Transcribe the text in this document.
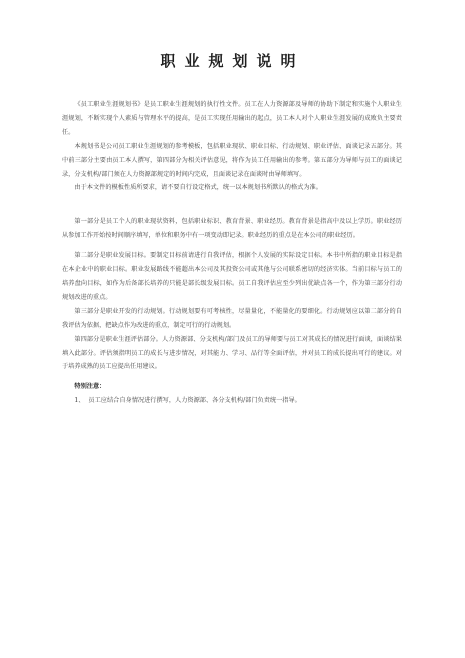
职业规划说明

《员工职业生涯规划书》是员工职业生涯规划的执行性文件。员工在人力资源部及导师的协助下制定和实施个人职业生涯规划，不断实现个人素质与管理水平的提高，是员工实现任用输出的起点，员工本人对个人职业生涯发展的成败负主要责任。

本规划书是公司员工职业生涯规划的参考模板，包括职业现状、职业目标、行动规划、职业评估、面谈记录五部分。其中前三部分主要由员工本人撰写，第四部分为相关评估意见，将作为员工任用输出的参考。第五部分为导师与员工的面谈记录，分支机构/部门须在人力资源部规定的时间内完成，且面谈记录在面谈时由导师填写。

由于本文件的模板性质所要求，请不要自行设定格式，统一以本规划书所默认的格式为准。

第一部分是员工个人的职业现状资料，包括职业标识、教育背景、职业经历。教育背景是指高中及以上学历。职业经历从参加工作开始按时间顺序填写，单位和职务中有一项变动即记录。职业经历的重点是在本公司的职业经历。

第二部分是职业发展目标。要制定目标前请进行自我评估，根据个人发展的实际设定目标。本书中所指的职业目标是指在本企业中的职业目标。职业发展路线不能超出本公司及其投资公司或其他与公司联系密切的经济实体。当前目标与员工的培养盘向目标，如作为后备部长培养的只能是部长级发展目标。员工自我评估应至少列出优缺点各一个，作为第三部分行动规划改进的重点。

第三部分是职业开发的行动规划。行动规划要有可考核性，尽量量化，不能量化的要细化。行动规划应以第二部分的自我评估为依据，把缺点作为改进的重点，制定可行的行动规划。

第四部分是职业生涯评估部分。人力资源部、分支机构/部门及员工的导师要与员工对其成长的情况进行面谈，面谈结果填入此部分。评估须指明员工的成长与进步情况，对其能力、学习、品行等全面评估，并对员工的成长提出可行的建议。对于培养成熟的员工应提出任用建议。

特别注意：

1、 员工应结合自身情况进行撰写，人力资源部、各分支机构/部门负责统一指导。
